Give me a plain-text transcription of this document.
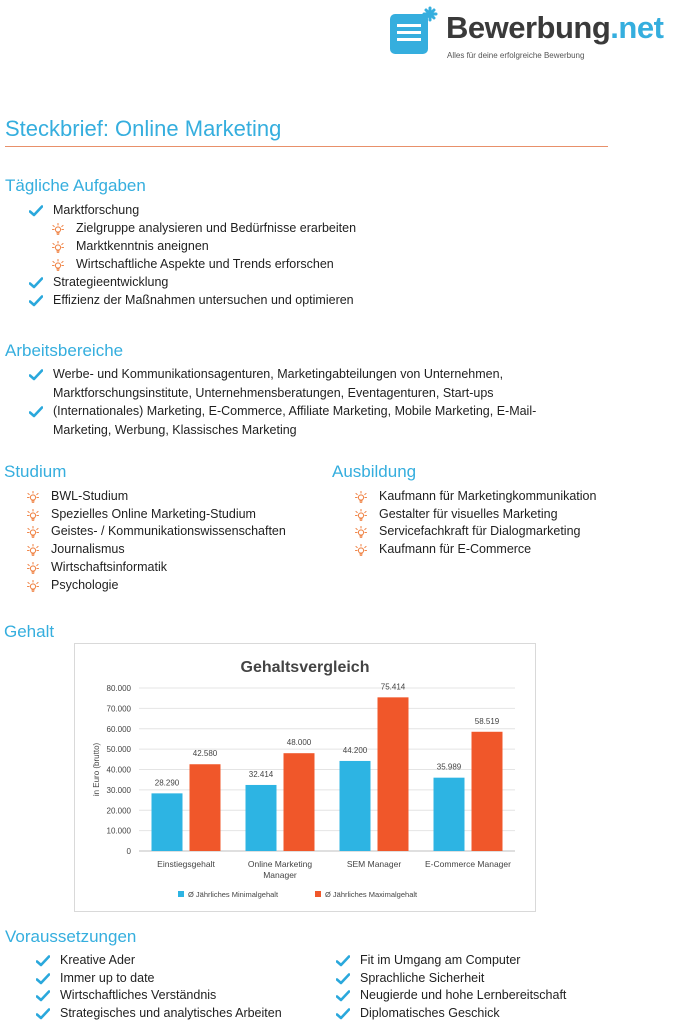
Bewerbung.net
Alles für deine erfolgreiche Bewerbung
Steckbrief: Online Marketing
Tägliche Aufgaben
Marktforschung
Zielgruppe analysieren und Bedürfnisse erarbeiten
Marktkenntnis aneignen
Wirtschaftliche Aspekte und Trends erforschen
Strategieentwicklung
Effizienz der Maßnahmen untersuchen und optimieren
Arbeitsbereiche
Werbe- und Kommunikationsagenturen, Marketingabteilungen von Unternehmen,
Marktforschungsinstitute, Unternehmensberatungen, Eventagenturen, Start-ups
(Internationales) Marketing, E-Commerce, Affiliate Marketing, Mobile Marketing, E-Mail-
Marketing, Werbung, Klassisches Marketing
Studium	Ausbildung
BWL-Studium
Spezielles Online Marketing-Studium
Geistes- / Kommunikationswissenschaften
Journalismus
Wirtschaftsinformatik
Psychologie
Kaufmann für Marketingkommunikation
Gestalter für visuelles Marketing
Servicefachkraft für Dialogmarketing
Kaufmann für E-Commerce
Gehalt
Gehaltsvergleich
0
10.000
20.000
30.000
40.000
50.000
60.000
70.000
80.000
in Euro (brutto)	28.290
42.580
Einstiegsgehalt
32.414
48.000
Online Marketing
Manager
44.200
75.414
SEM Manager
35.989
58.519
E-Commerce Manager
Ø Jährliches Minimalgehalt	Ø Jährliches Maximalgehalt
Voraussetzungen
Kreative Ader
Immer up to date
Wirtschaftliches Verständnis
Strategisches und analytisches Arbeiten
Fit im Umgang am Computer
Sprachliche Sicherheit
Neugierde und hohe Lernbereitschaft
Diplomatisches Geschick
